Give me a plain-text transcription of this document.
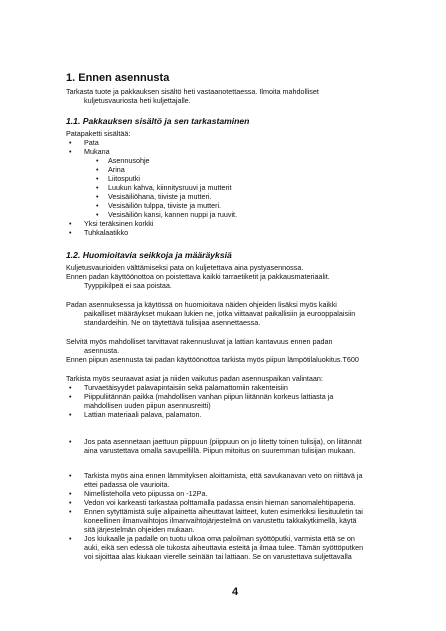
1. Ennen asennusta
Tarkasta tuote ja pakkauksen sisältö heti vastaanotettaessa. Ilmoita mahdolliset
kuljetusvauriosta heti kuljettajalle.
1.1. Pakkauksen sisältö ja sen tarkastaminen
Patapaketti sisältää:
• Pata
• Mukana
• Asennusohje
• Arina
• Liitosputki
• Luukun kahva, kiinnitysruuvi ja mutterit
• Vesisäiliöhana, tiiviste ja mutteri.
• Vesisäiliön tulppa, tiiviste ja mutteri.
• Vesisäiliön kansi, kannen nuppi ja ruuvit.
• Yksi teräksinen korkki
• Tuhkalaatikko
1.2. Huomioitavia seikkoja ja määräyksiä
Kuljetusvaurioiden välttämiseksi pata on kuljetettava aina pystyasennossa.
Ennen padan käyttöönottoa on poistettava kaikki tarraetiketit ja pakkausmateriaalit.
Tyyppikilpeä ei saa poistaa.
Padan asennuksessa ja käytössä on huomioitava näiden ohjeiden lisäksi myös kaikki
paikalliset määräykset mukaan lukien ne, jotka viittaavat paikallisiin ja eurooppalaisiin
standardeihin. Ne on täytettävä tulisijaa asennettaessa.
Selvitä myös mahdolliset tarvittavat rakennusluvat ja lattian kantavuus ennen padan
asennusta.
Ennen piipun asennusta tai padan käyttöönottoa tarkista myös piipun lämpötilaluokitus.T600
Tarkista myös seuraavat asiat ja niiden vaikutus padan asennuspaikan valintaan:
• Turvaetäisyydet palavapintaisiin sekä palamattomiin rakenteisiin
• Piippuliitännän paikka (mahdollisen vanhan piipun liitännän korkeus lattiasta ja
mahdollisen uuden piipun asennusreitti)
• Lattian materiaali palava, palamaton.
• Jos pata asennetaan jaettuun piippuun (piippuun on jo liitetty toinen tulisija), on liitännät
aina varustettava omalla savupellillä. Piipun mitoitus on suuremman tulisijan mukaan.
• Tarkista myös aina ennen lämmityksen aloittamista, että savukanavan veto on riittävä ja
ettei padassa ole vaurioita.
• Nimellisteholla veto piipussa on -12Pa.
• Vedon voi karkeasti tarkastaa polttamalla padassa ensin hieman sanomalehtipaperia.
• Ennen sytyttämistä sulje alipainetta aiheuttavat laitteet, kuten esimerkiksi liesituuletin tai
koneellinen ilmanvaihtojos ilmanvaihtojärjestelmä on varustettu takkakytkimellä, käytä
sitä järjestelmän ohjeiden mukaan.
• Jos kiukaalle ja padalle on tuotu ulkoa oma paloilman syöttöputki, varmista että se on
auki, eikä sen edessä ole tukosta aiheuttavia esteitä ja ilmaa tulee. Tämän syöttöputken
voi sijoittaa alas kiukaan vierelle seinään tai lattiaan. Se on varustettava suljettavalla
4
